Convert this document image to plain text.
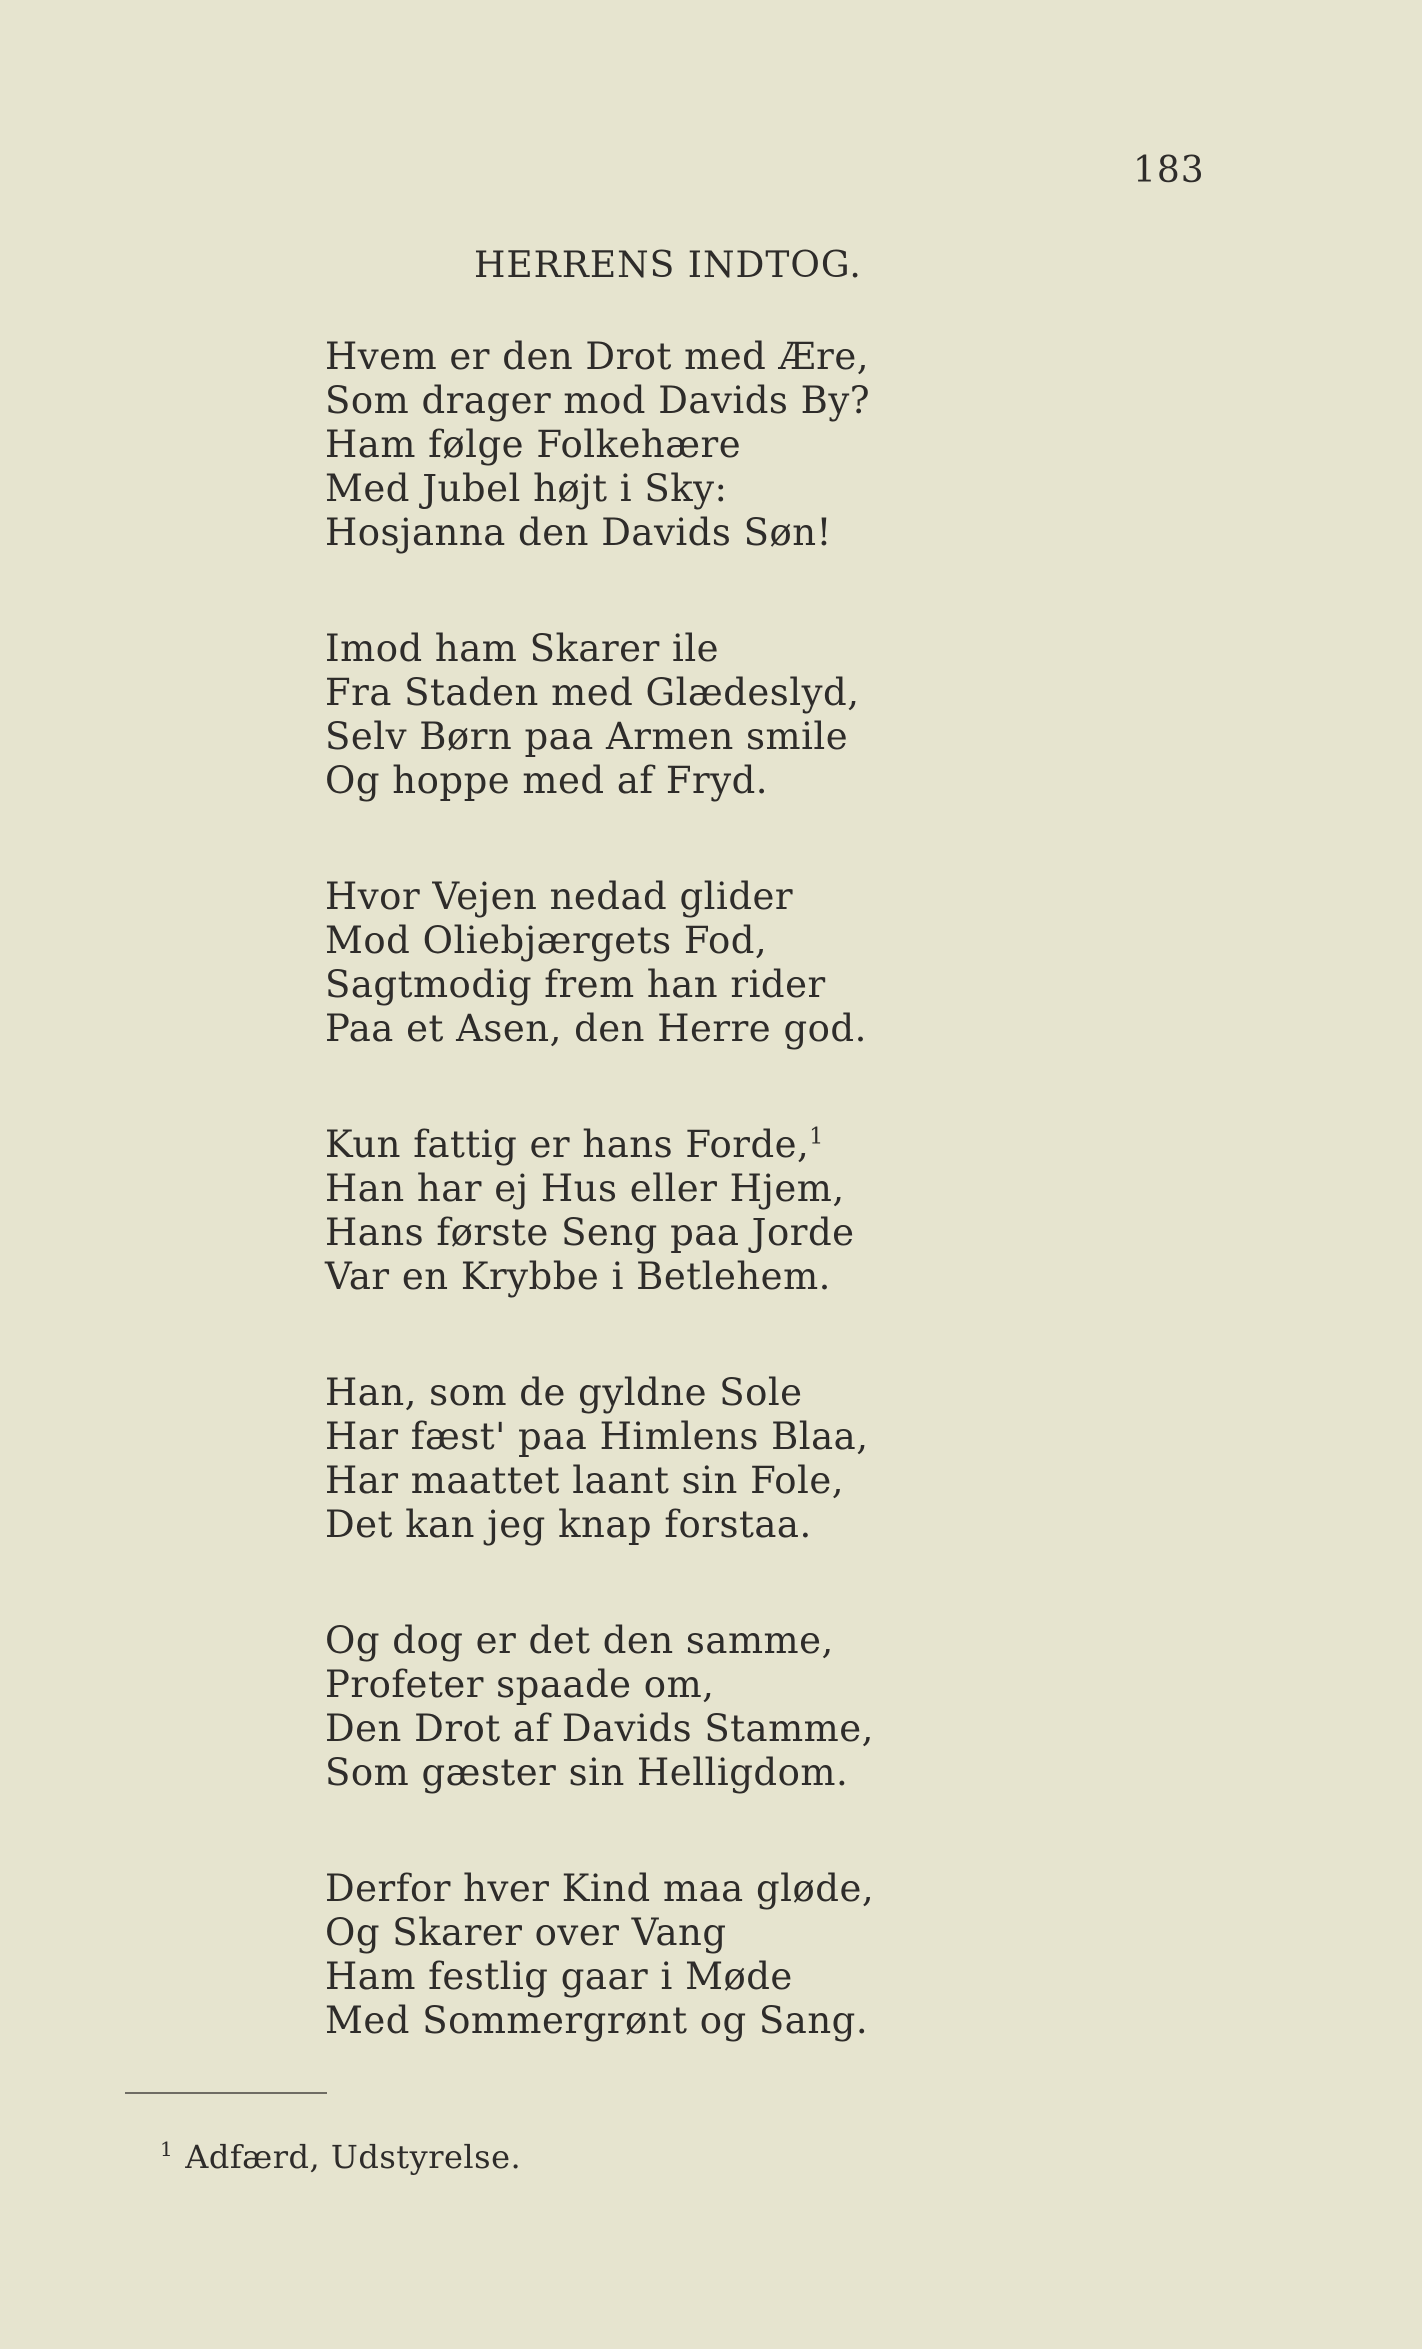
183
HERRENS INDTOG.
Hvem er den Drot med Ære,
Som drager mod Davids By?
Ham følge Folkehære
Med Jubel højt i Sky:
Hosjanna den Davids Søn!
Imod ham Skarer ile
Fra Staden med Glædeslyd,
Selv Børn paa Armen smile
Og hoppe med af Fryd.
Hvor Vejen nedad glider
Mod Oliebjærgets Fod,
Sagtmodig frem han rider
Paa et Asen, den Herre god.
Kun fattig er hans Forde,$^1$
Han har ej Hus eller Hjem,
Hans første Seng paa Jorde
Var en Krybbe i Betlehem.
Han, som de gyldne Sole
Har fæst' paa Himlens Blaa,
Har maattet laant sin Fole,
Det kan jeg knap forstaa.
Og dog er det den samme,
Profeter spaade om,
Den Drot af Davids Stamme,
Som gæster sin Helligdom.
Derfor hver Kind maa gløde,
Og Skarer over Vang
Ham festlig gaar i Møde
Med Sommergrønt og Sang.
$^1$ Adfærd, Udstyrelse.
